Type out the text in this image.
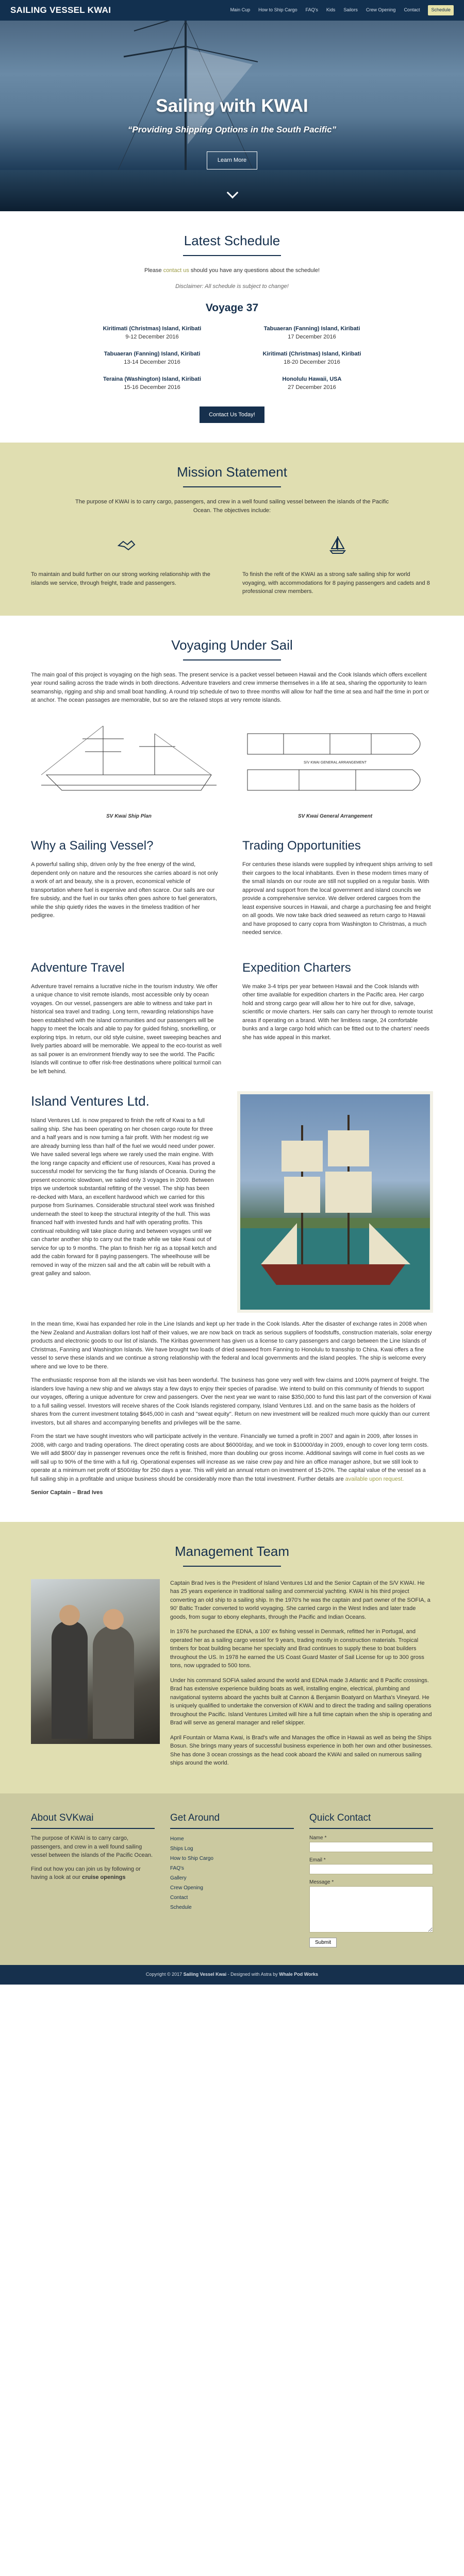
SAILING VESSEL KWAI	Main Cup How to Ship Cargo FAQ's Kids Sailors Crew Opening Contact	Schedule
Sailing with KWAI
“Providing Shipping Options in the South Pacific”
Learn More
Latest Schedule

Please contact us should you have any questions about the schedule!

Disclaimer: All schedule is subject to change!

Voyage 37
Kiritimati (Christmas) Island, Kiribati
9-12 December 2016
Tabuaeran (Fanning) Island, Kiribati
17 December 2016
Tabuaeran (Fanning) Island, Kiribati
13-14 December 2016
Kiritimati (Christmas) Island, Kiribati
18-20 December 2016
Teraina (Washington) Island, Kiribati
15-16 December 2016
Honolulu Hawaii, USA
27 December 2016
Contact Us Today!
Mission Statement

The purpose of KWAI is to carry cargo, passengers, and crew in a well found sailing vessel between the islands of the Pacific Ocean. The objectives include:

To maintain and build further on our strong working relationship with the islands we service, through freight, trade and passengers.

To finish the refit of the KWAI as a strong safe sailing ship for world voyaging, with accommodations for 8 paying passengers and cadets and 8 professional crew members.

Voyaging Under Sail

The main goal of this project is voyaging on the high seas. The present service is a packet vessel between Hawaii and the Cook Islands which offers excellent year round sailing across the trade winds in both directions. Adventure travelers and crew immerse themselves in a life at sea, sharing the opportunity to learn seamanship, rigging and ship and small boat handling. A round trip schedule of two to three months will allow for half the time at sea and half the time in port or at anchor. The ocean passages are memorable, but so are the relaxed stops at very remote islands.

SV Kwai Ship Plan
S/V KWAI GENERAL ARRANGEMENT
SV Kwai General Arrangement
Why a Sailing Vessel?

A powerful sailing ship, driven only by the free energy of the wind, dependent only on nature and the resources she carries aboard is not only a work of art and beauty, she is a proven, economical vehicle of transportation where fuel is expensive and often scarce. Our sails are our fire subsidy, and the fuel in our tanks often goes ashore to fuel generators, while the ship quietly rides the waves in the timeless tradition of her pedigree.

Trading Opportunities

For centuries these islands were supplied by infrequent ships arriving to sell their cargoes to the local inhabitants. Even in these modern times many of the small islands on our route are still not supplied on a regular basis. With approval and support from the local government and island councils we provide a comprehensive service. We deliver ordered cargoes from the least expensive sources in Hawaii, and charge a purchasing fee and freight on all goods. We now take back dried seaweed as return cargo to Hawaii and have proposed to carry copra from Washington to Christmas, a much needed service.

Adventure Travel

Adventure travel remains a lucrative niche in the tourism industry. We offer a unique chance to visit remote islands, most accessible only by ocean voyages. On our vessel, passengers are able to witness and take part in historical sea travel and trading. Long term, rewarding relationships have been established with the island communities and our passengers will be happy to meet the locals and able to pay for guided fishing, snorkelling, or exploring trips. In return, our old style cuisine, sweet sweeping beaches and lively parties aboard will be memorable. We appeal to the eco-tourist as well as sail power is an environment friendly way to see the world. The Pacific Islands will continue to offer risk-free destinations where political turmoil can be left behind.

Expedition Charters

We make 3-4 trips per year between Hawaii and the Cook Islands with other time available for expedition charters in the Pacific area. Her cargo hold and strong cargo gear will allow her to hire out for dive, salvage, scientific or movie charters. Her sails can carry her through to remote tourist areas if operating on a brand. With her limitless range, 24 comfortable bunks and a large cargo hold which can be fitted out to the charters' needs she has wide appeal in this market.

Island Ventures Ltd.

Island Ventures Ltd. is now prepared to finish the refit of Kwai to a full sailing ship. She has been operating on her chosen cargo route for three and a half years and is now turning a fair profit. With her modest rig we are already burning less than half of the fuel we would need under power. We have sailed several legs where we rarely used the main engine. With the long range capacity and efficient use of resources, Kwai has proved a successful model for servicing the far flung islands of Oceania. During the present economic slowdown, we sailed only 3 voyages in 2009. Between trips we undertook substantial refitting of the vessel. The ship has been re-decked with Mara, an excellent hardwood which we carried for this purpose from Surinames. Considerable structural steel work was finished underneath the steel to keep the structural integrity of the hull. This was financed half with invested funds and half with operating profits. This continual rebuilding will take place during and between voyages until we can charter another ship to carry out the trade while we take Kwai out of service for up to 9 months. The plan to finish her rig as a topsail ketch and add the cabin forward for 8 paying passengers. The wheelhouse will be removed in way of the mizzen sail and the aft cabin will be rebuilt with a great galley and saloon.

In the mean time, Kwai has expanded her role in the Line Islands and kept up her trade in the Cook Islands. After the disaster of exchange rates in 2008 when the New Zealand and Australian dollars lost half of their values, we are now back on track as serious suppliers of foodstuffs, construction materials, solar energy products and electronic goods to our list of islands. The Kiribas government has given us a license to carry passengers and cargo between the Line Islands of Christmas, Fanning and Washington Islands. We have brought two loads of dried seaweed from Fanning to Honolulu to transship to China. Kwai offers a fine vessel to serve these islands and we continue a strong relationship with the federal and local governments and the island peoples. The ship is welcome every where and we love to be there.

The enthusiastic response from all the islands we visit has been wonderful. The business has gone very well with few claims and 100% payment of freight. The islanders love having a new ship and we always stay a few days to enjoy their species of paradise. We intend to build on this community of friends to support our voyages, offering a unique adventure for crew and passengers. Over the next year we want to raise $350,000 to fund this last part of the conversion of Kwai to a full sailing vessel. Investors will receive shares of the Cook Islands registered company, Island Ventures Ltd. and on the same basis as the holders of shares from the current investment totaling $645,000 in cash and "sweat equity". Return on new investment will be realized much more quickly than our current investors, but all shares and accompanying benefits and privileges will be the same.

From the start we have sought investors who will participate actively in the venture. Financially we turned a profit in 2007 and again in 2009, after losses in 2008, with cargo and trading operations. The direct operating costs are about $6000/day, and we took in $10000/day in 2009, enough to cover long term costs. We will add $800/ day in passenger revenues once the refit is finished, more than doubling our gross income. Additional savings will come in fuel costs as we will sail up to 90% of the time with a full rig. Operational expenses will increase as we raise crew pay and hire an office manager ashore, but we still look to operate at a minimum net profit of $500/day for 250 days a year. This will yield an annual return on investment of 15-20%. The capital value of the vessel as a full sailing ship in a profitable and unique business should be considerably more than the total investment. Further details are available upon request.

Senior Captain – Brad Ives

Management Team

Captain Brad Ives is the President of Island Ventures Ltd and the Senior Captain of the S/V KWAI. He has 25 years experience in traditional sailing and commercial yachting. KWAI is his third project converting an old ship to a sailing ship. In the 1970's he was the captain and part owner of the SOFIA, a 90' Baltic Trader converted to world voyaging. She carried cargo in the West Indies and later trade goods, from sugar to ebony elephants, through the Pacific and Indian Oceans.

In 1976 he purchased the EDNA, a 100' ex fishing vessel in Denmark, refitted her in Portugal, and operated her as a sailing cargo vessel for 9 years, trading mostly in construction materials. Tropical timbers for boat building became her specialty and Brad continues to supply these to boat builders throughout the US. In 1978 he earned the US Coast Guard Master of Sail License for up to 300 gross tons, now upgraded to 500 tons.

Under his command SOFIA sailed around the world and EDNA made 3 Atlantic and 8 Pacific crossings. Brad has extensive experience building boats as well, installing engine, electrical, plumbing and navigational systems aboard the yachts built at Cannon & Benjamin Boatyard on Martha's Vineyard. He is uniquely qualified to undertake the conversion of KWAI and to direct the trading and sailing operations throughout the Pacific. Island Ventures Limited will hire a full time captain when the ship is operating and Brad will serve as general manager and relief skipper.

April Fountain or Mama Kwai, is Brad's wife and Manages the office in Hawaii as well as being the Ships Bosun. She brings many years of successful business experience in both her own and other businesses. She has done 3 ocean crossings as the head cook aboard the KWAI and sailed on numerous sailing ships around the world.

About SVKwai

The purpose of KWAI is to carry cargo, passengers, and crew in a well found sailing vessel between the islands of the Pacific Ocean.

Find out how you can join us by following or having a look at our cruise openings

Get Around
Home
Ships Log
How to Ship Cargo
FAQ's
Gallery
Crew Opening
Contact
Schedule
Quick Contact
Name *
Email *
Message *
Submit
Copyright © 2017 Sailing Vessel Kwai - Designed with Astra by Whale Pod Works
